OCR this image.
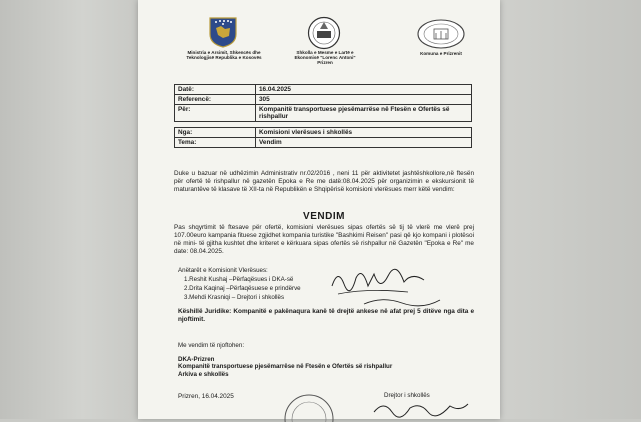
Ministria e Arsimit, Shkencës dhe Teknologjisë Republika e Kosovës
Shkolla e Mesme e Lartë e Ekonomisë "Lorenc Antoni" Prizren
Komuna e Prizrenit
Datë:	16.04.2025
Referencë:	305
Për:	Kompanitë transportuese pjesëmarrëse në Ftesën e Ofertës së rishpallur

Nga:	Komisioni vlerësues i shkollës
Tema:	Vendim
Duke u bazuar në udhëzimin Administrativ nr.02/2016 , neni 11 për aktivitetet jashtëshkollore,në ftesën për ofertë të rishpallur në gazetën Epoka e Re me datë:08.04.2025 për organizimin e ekskursionit të maturantëve të klasave të XII-ta në Republikën e Shqipërisë komisioni vlerësues merr këtë vendim:
VENDIM
Pas shqyrtimit të ftesave për ofertë, komisioni vlerësues sipas ofertës së tij të vlerë me vlerë prej 107.00euro kampania fituese zgjidhet kompania turistike "Bashkimi Reisen" pasi që kjo kompani i plotësoi në mini- të gjitha kushtet dhe kriteret e kërkuara sipas ofertës së rishpallur në Gazetën "Epoka e Re" me date: 08.04.2025.
Anëtarët e Komisionit Vlerësues:
1.Reshit Kushaj –Përfaqësues i DKA-së
2.Drita Kaqinaj –Përfaqësuese e prindërve
3.Mehdi Krasniqi – Drejtori i shkollës
Këshillë Juridike: Kompanitë e pakënaqura kanë të drejtë ankese në afat prej 5 ditëve nga dita e njoftimit.
Me vendim të njoftohen:
DKA-Prizren
Kompanitë transportuese pjesëmarrëse në Ftesën e Ofertës së rishpallur
Arkiva e shkollës
Prizren, 16.04.2025	Drejtor i shkollës
